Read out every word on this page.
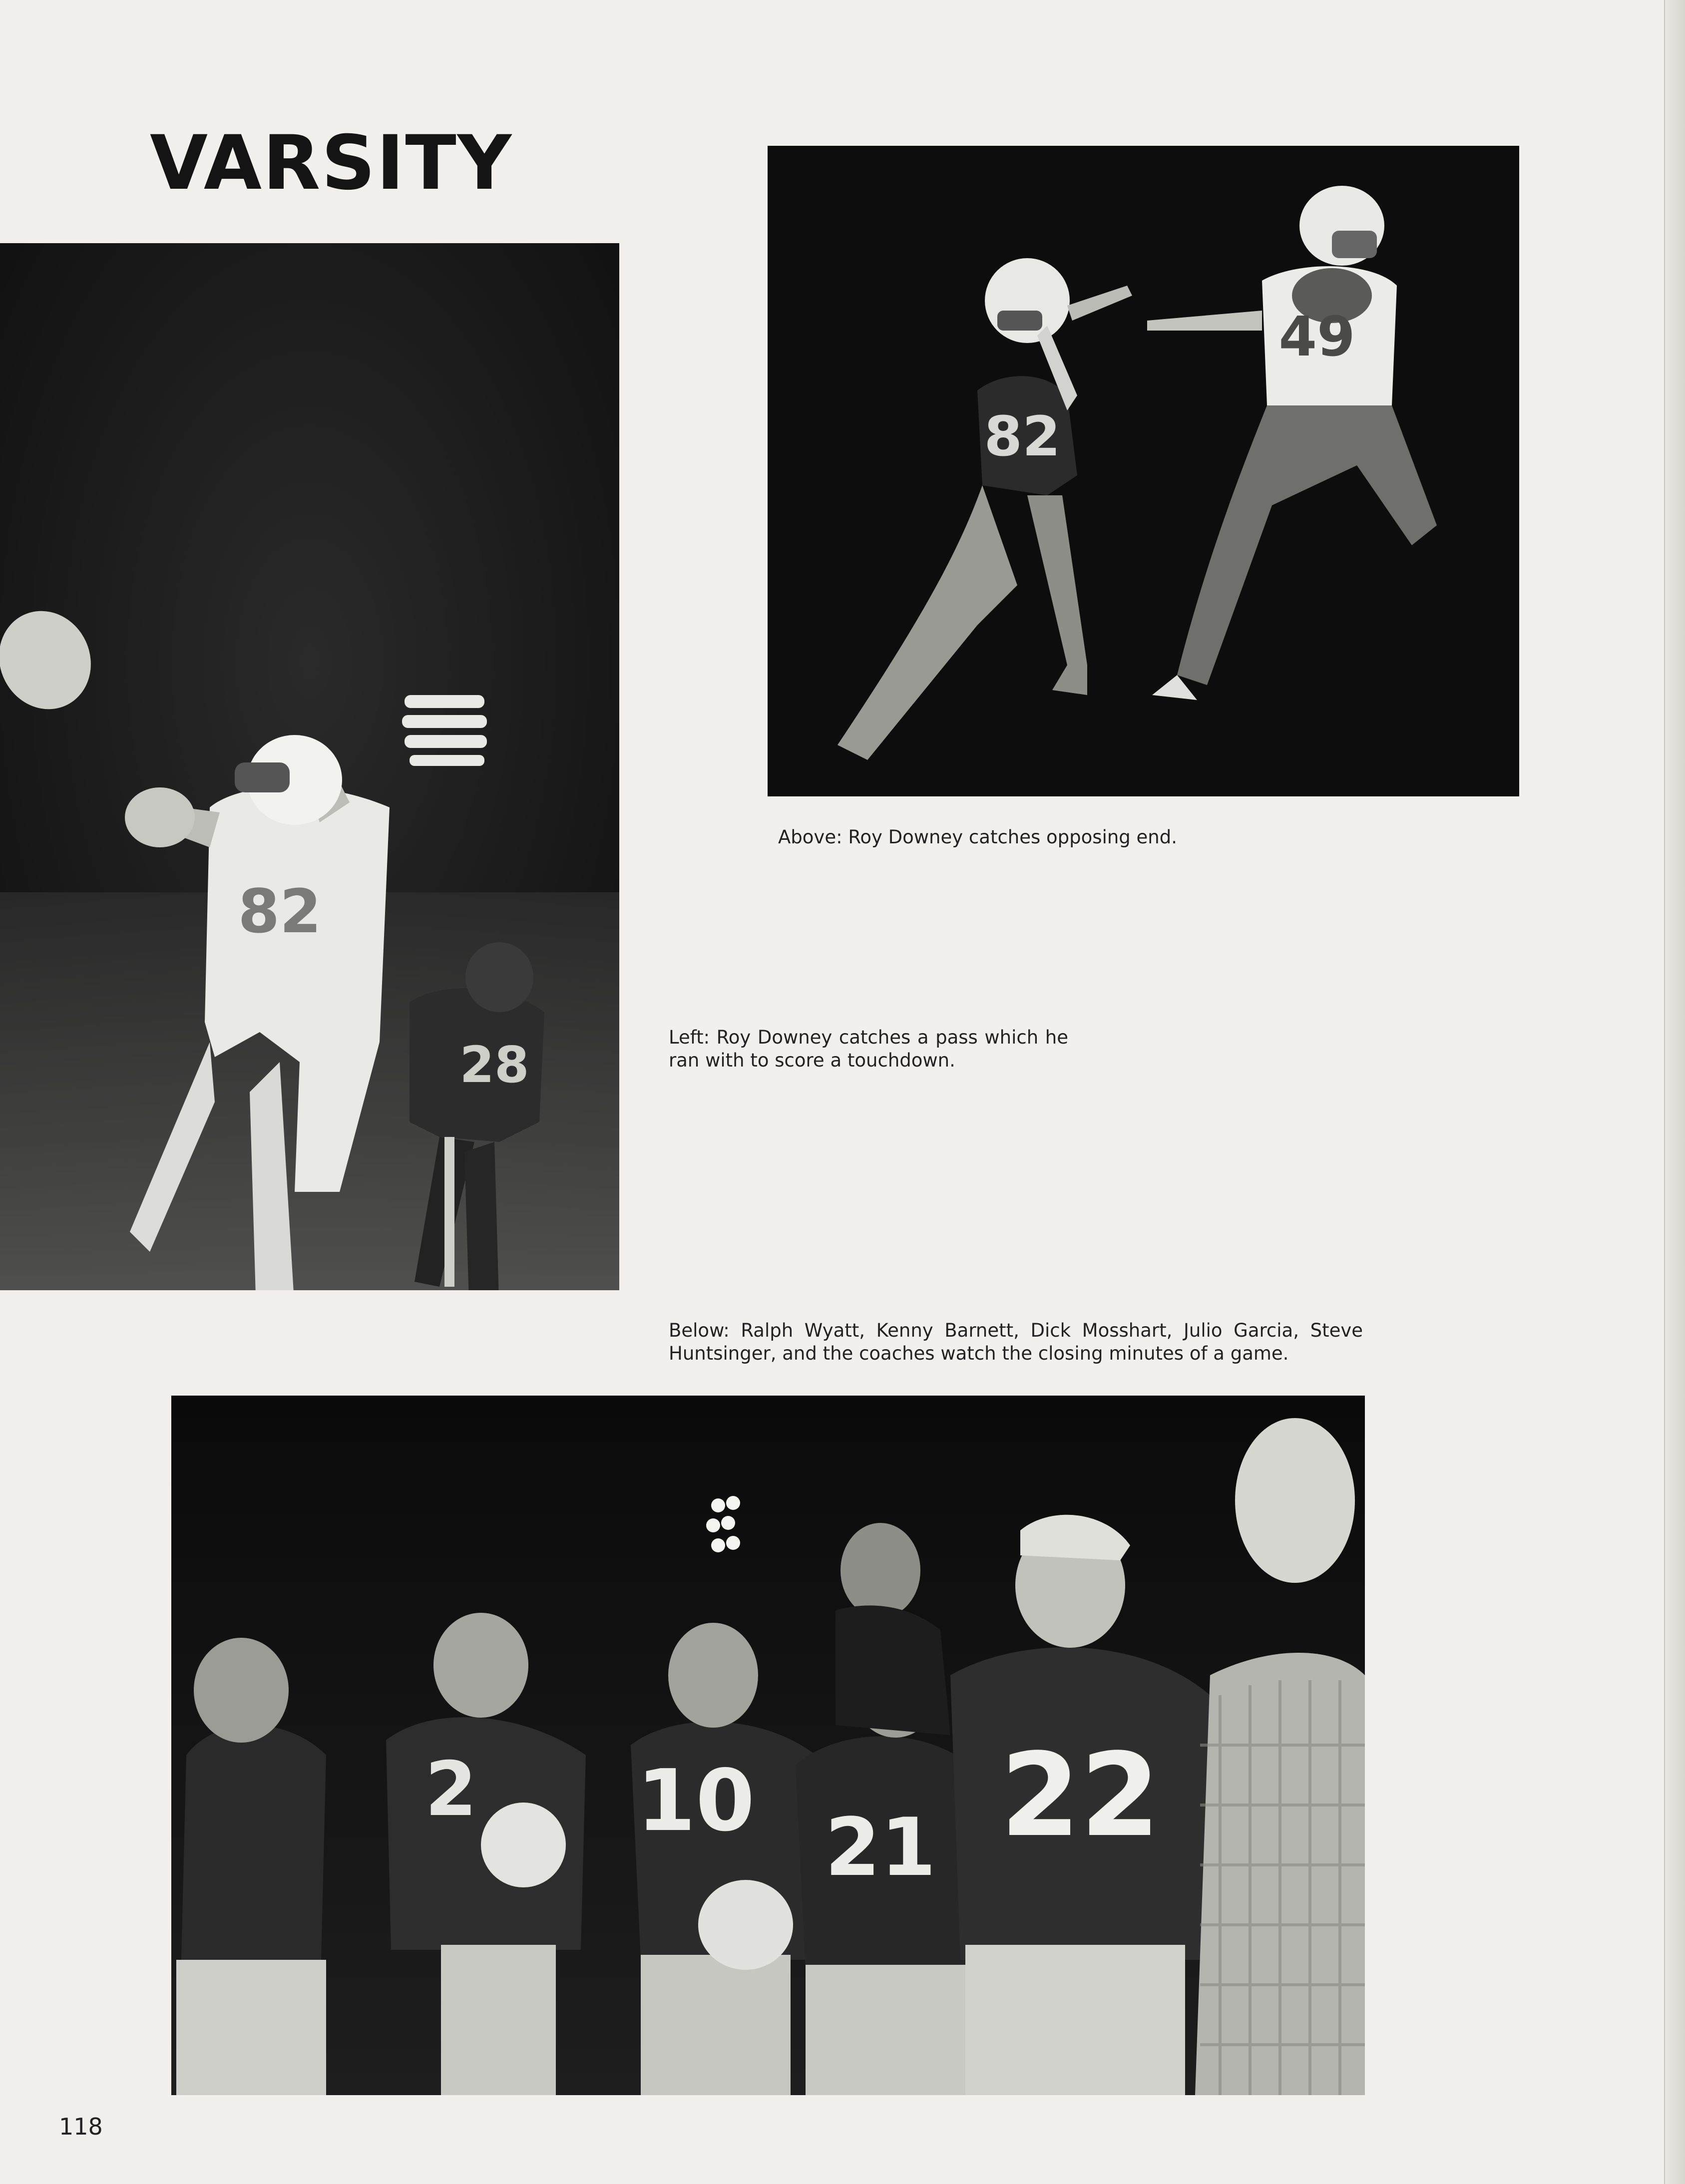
VARSITY
82
28
82
49

Above: Roy Downey catches opposing end.

Left: Roy Downey catches a pass which he ran with to score a touchdown.

Below: Ralph Wyatt, Kenny Barnett, Dick Mosshart, Julio Garcia, Steve Huntsinger, and the coaches watch the closing minutes of a game.

2 10 21 22
118
